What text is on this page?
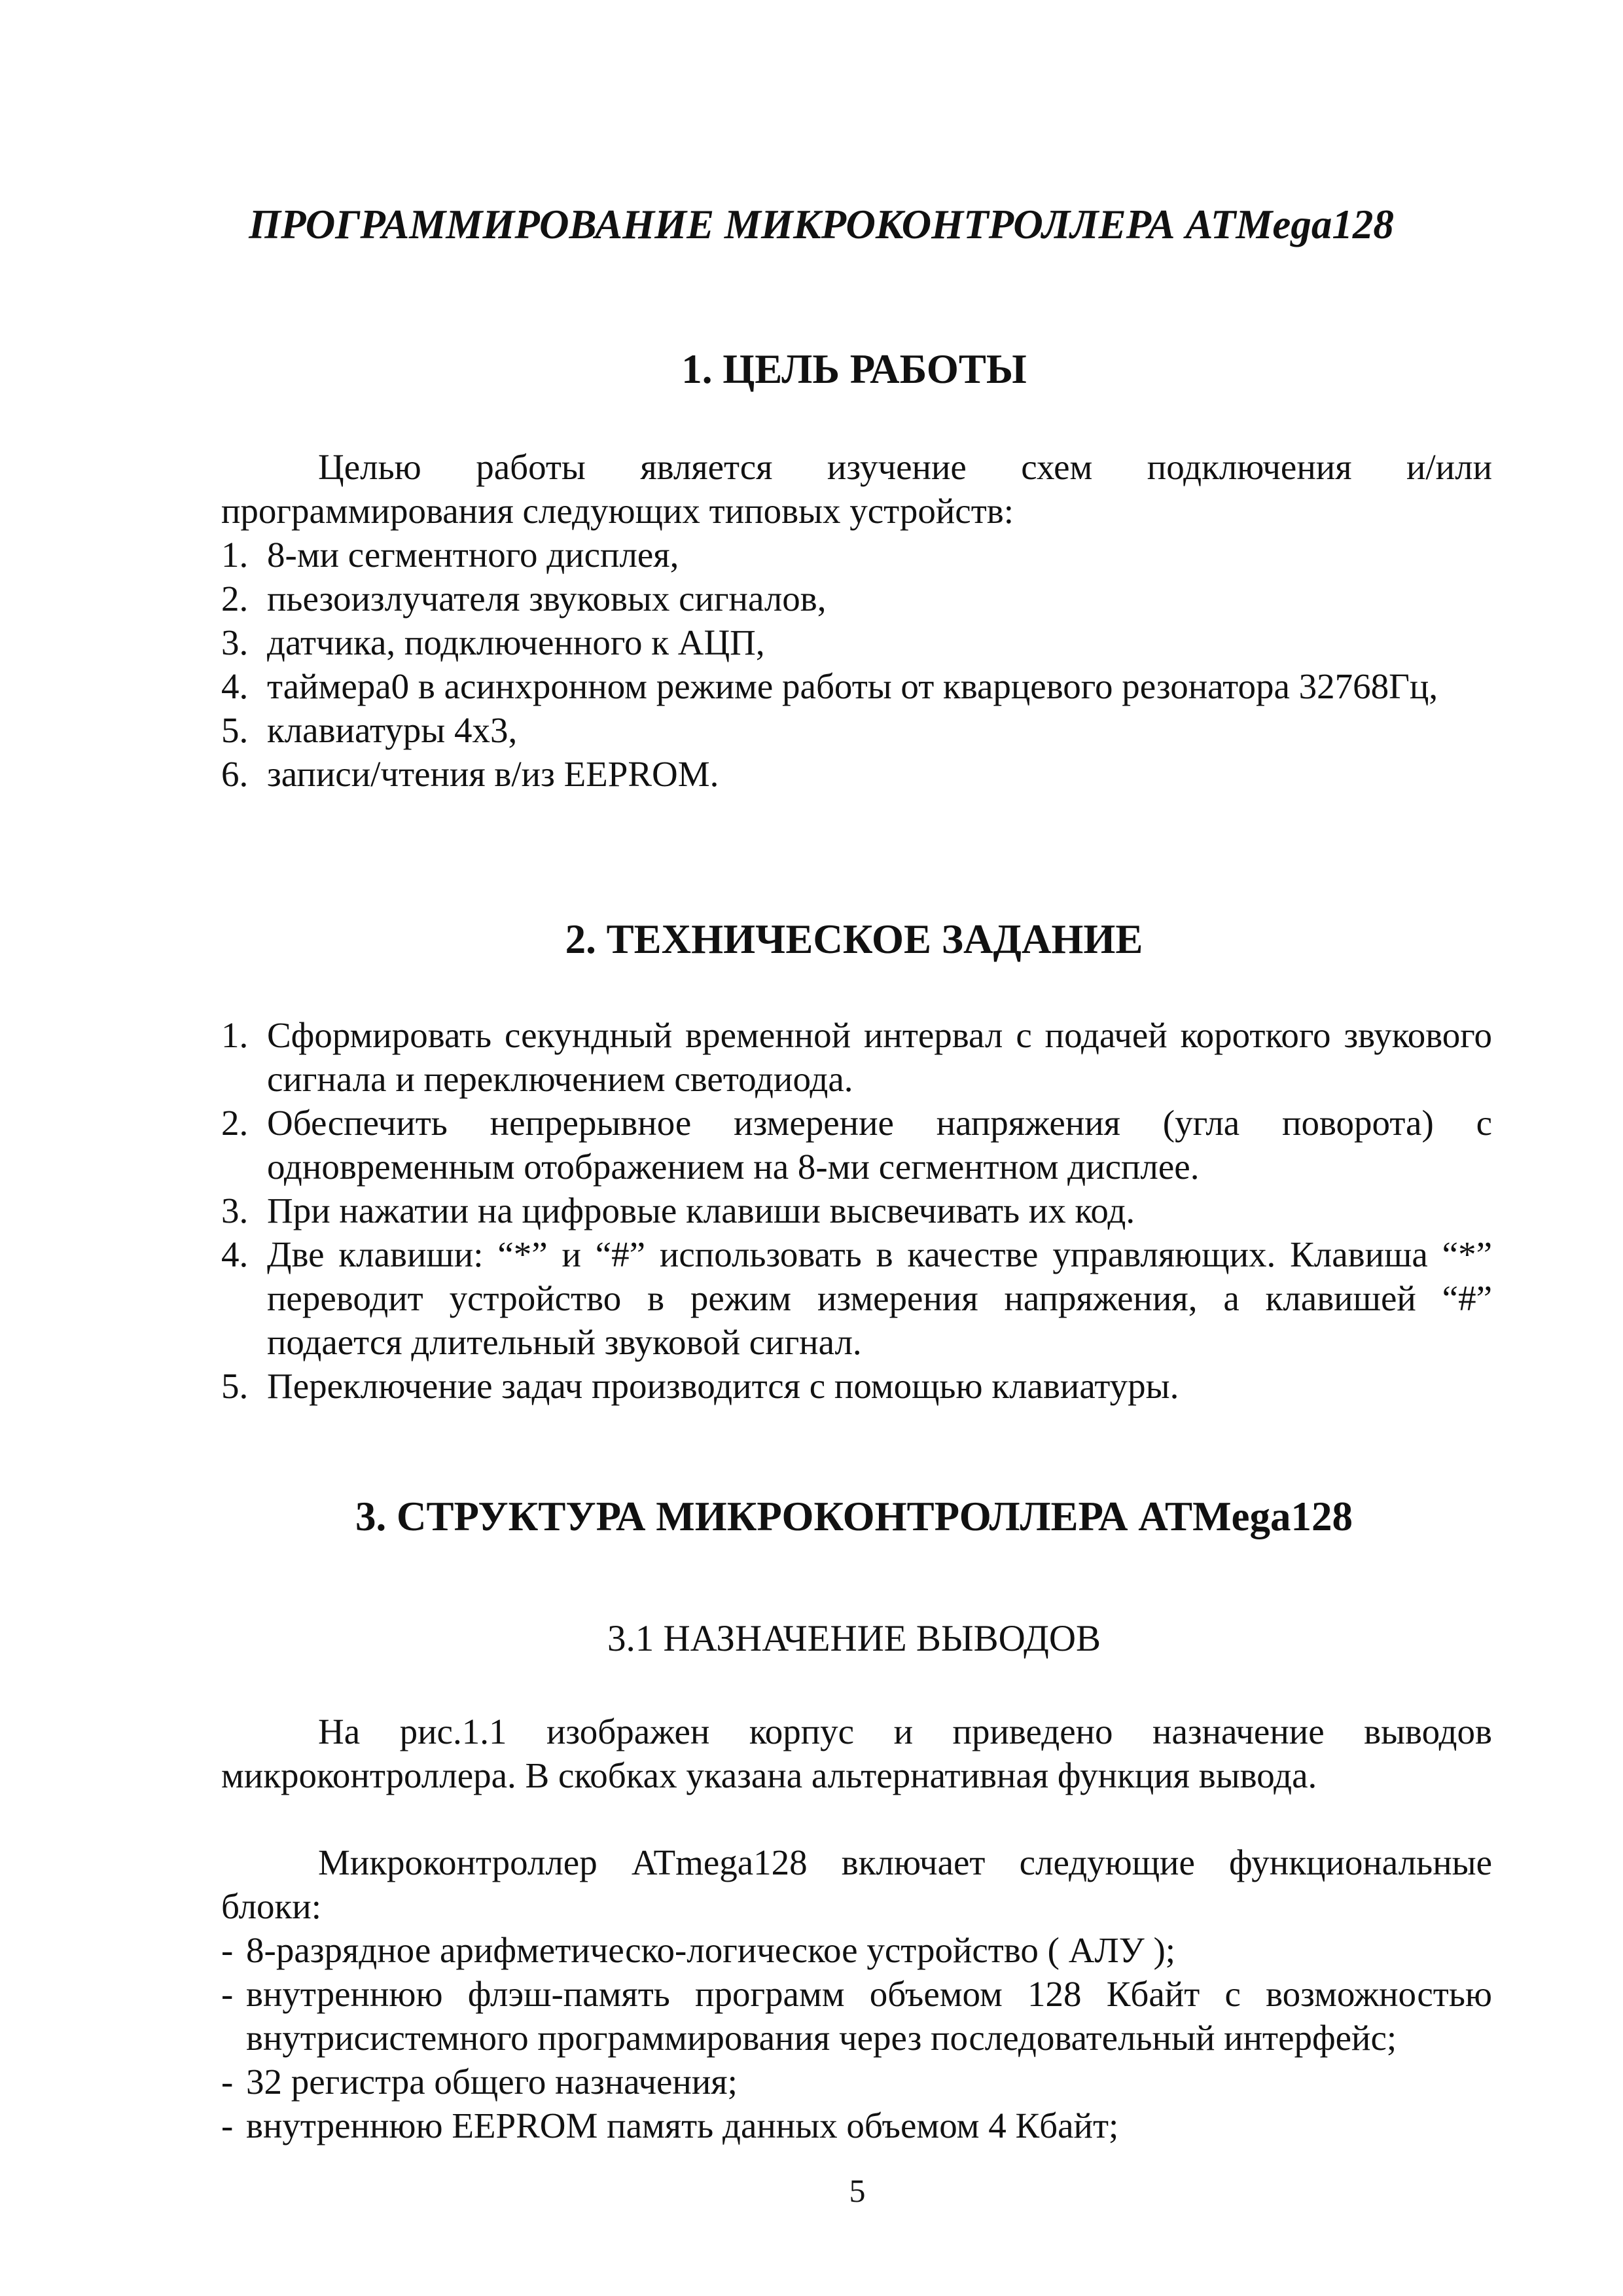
ПРОГРАММИРОВАНИЕ МИКРОКОНТРОЛЛЕРА ATMega128
1. ЦЕЛЬ РАБОТЫ

Целью работы является изучение схем подключения и/или программирования следующих типовых устройств:

1. 8-ми сегментного дисплея,
2. пьезоизлучателя звуковых сигналов,
3. датчика, подключенного к АЦП,
4. таймера0 в асинхронном режиме работы от кварцевого резонатора 32768Гц,
5. клавиатуры 4х3,
6. записи/чтения в/из EEPROM.
2. ТЕХНИЧЕСКОЕ ЗАДАНИЕ
1. Сформировать секундный временной интервал с подачей короткого звукового сигнала и переключением светодиода.
2. Обеспечить непрерывное измерение напряжения (угла поворота) с одновременным отображением на 8-ми сегментном дисплее.
3. При нажатии на цифровые клавиши высвечивать их код.
4. Две клавиши: “*” и “#” использовать в качестве управляющих. Клавиша “*” переводит устройство в режим измерения напряжения, а клавишей “#” подается длительный звуковой сигнал.
5. Переключение задач производится с помощью клавиатуры.
3. СТРУКТУРА МИКРОКОНТРОЛЛЕРА ATMega128
3.1 НАЗНАЧЕНИЕ ВЫВОДОВ

На рис.1.1 изображен корпус и приведено назначение выводов микроконтроллера. В скобках указана альтернативная функция вывода.

Микроконтроллер ATmega128 включает следующие функциональные блоки:

- 8-разрядное арифметическо-логическое устройство ( АЛУ );
- внутреннюю флэш-память программ объемом 128 Кбайт с возможностью внутрисистемного программирования через последовательный интерфейс;
- 32 регистра общего назначения;
- внутреннюю EEPROM память данных объемом 4 Кбайт;
5
